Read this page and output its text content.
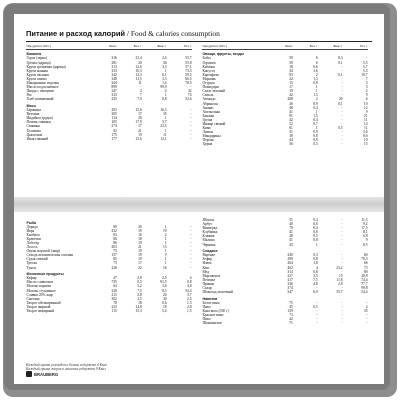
Питание и расход калорий / Food & calories consumption
Продукты (100 г)	Ккал.	Бел. г	Жир. г	Угл. г
Бакалея				
Горох (зерно)	316	23,4	2,4	53,7
Гречка (ядрица)	281	20	36	55,8
Крупа гречневая (ядрица)	313	12,6	3,3	57,1
Крупа манная	333	10,3	1	73,3
Крупа овсяная	342	12,3	6,1	59,5
Крупа пшено	348	11,5	3,3	66,5
Макаронные изделия	344	11	1,4	70,5
Масло подсолнечное	899	-	99,9	-
Пицца с овощами	247	4	4	32
Рис	333	7	1	74
Хлеб пшеничный	235	7,9	0,8	52,6
Мясо				
Баранина	203	15,6	16,3	-
Ветчина	305	17	35	-
Индейка (грудка)	114	26	1	-
Печень говяжья	105	17,9	3,7	-
Свинина	274	17	23,5	-
Телятина	92	21	1	-
Цыпленок	175	19	11	-
Язык говяжий	177	13,6	12,1	-
Продукты (100 г)	Ккал.	Бел. г	Жир. г	Угл. г
Овощи, фрукты, ягоды				
Бобы	59	6	8,3	-
Горошек	39	6	0,1	5,5
Кабачок	18	0,6	-	5,7
Капуста	34	1,6	-	5,3
Картофель	83	2	0,1	19,7
Морковь	22	1,3	-	7
Огурцы	15	0,8	-	3
Помидоры	17	1	-	3
Салат зеленый	19	1	-	2
Свекла	42	1,5	-	9
Авокадо	208	2	20	6
Абрикосы	46	0,9	0,1	10
Ананас	48	0,4	-	12
Апельсины	41	1	-	9
Бананы	91	1,5	-	21
Груша	42	0,4	-	11
Инжир свежий	52	0,7	-	14
Киви	61	1	0,5	11
Лимон	31	0,9	-	3,6
Мандарины	38	0,8	-	8,6
Персик	44	0,9	-	10
Хурма	56	0,5	-	15
Рыба				
Дорадо	90	20	1	-
Икра	252	19	19	-
Камбала	83	16	2	-
Креветки	86	18	1	-
Лобстер	86	19	1	-
Лосось	203	21	13	-
Окунь морской (лавр)	75	19	1	-
Сельдь атлантическая соленая	157	19	9	-
Судак свежий	85	19	1	-
Треска	73	17	1	-
Тунец	226	22	16	-
Молочные продукты				
Кефир	47	2,9	2,5	4
Масло сливочное	735	0,5	81,5	0,8
Молоко коровье	64	3,2	3,6	4,8
Молоко сгущенное	326	7,5	8,5	54,4
Сливки 20% жир.	213	2,8	20	3,7
Сметана	302	2,5	30	2,5
Творог обезжиренный	78	18	0,6	1,3
Творог жирный	233	14,8	18	2,8
Творог нежирный	115	15,3	5,4	1,5
Яблоки	51	0,4	-	11,3
Арбуз	40	0,6	-	9,2
Виноград	70	0,4	-	17,5
Клубника	41	0,8	-	8,1
Клюква	28	0,5	-	6,8
Малина	41	0,8	-	9
Черника	43	1	-	8,5
Сладкое				
Варенье	240	0,3	-	60
Зефир	299	0,8	-	78,3
Изюм	264	1,8	-	66
Кекс	402	4	23,2	73
Мед	314	0,8	-	80
Мороженое	227	3,3	15	20,8
Печенье	417	7,5	11,8	74,4
Пряник	336	4,8	2,8	77,7
Сахар	374	-	-	99,8
Шоколад молочный	547	6,9	35,7	54,4
Напитки				
Белое вино	75	-	-	-
Пиво	45	0,5	-	4
Кока-кола (330 г)	139	-	-	35
Красное вино	73	-	-	-
Пиво	42	-	-	-
Шампанское	71	-	-	-
Каждый грамм углеводов и белков содержит 4 Ккал
Каждый грамм жиров и алкоголя содержит 9 Ккал
BRAUBERG
